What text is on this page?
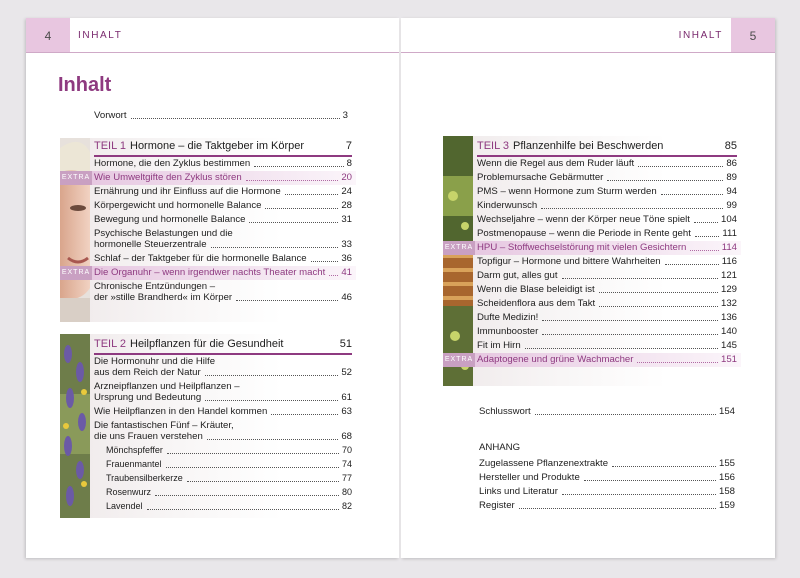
4	INHALT
Inhalt
Vorwort	3
TEIL 1 Hormone – die Taktgeber im Körper	7
Hormone, die den Zyklus bestimmen	8
EXTRA Wie Umweltgifte den Zyklus stören	20
Ernährung und ihr Einfluss auf die Hormone	24
Körpergewicht und hormonelle Balance	28
Bewegung und hormonelle Balance	31
Psychische Belastungen und die
hormonelle Steuerzentrale	33
Schlaf – der Taktgeber für die hormonelle Balance	36
EXTRA Die Organuhr – wenn irgendwer nachts Theater macht 41
Chronische Entzündungen –
der »stille Brandherd« im Körper	46
TEIL 2 Heilpflanzen für die Gesundheit	51
Die Hormonuhr und die Hilfe
aus dem Reich der Natur	52
Arzneipflanzen und Heilpflanzen –
Ursprung und Bedeutung	61
Wie Heilpflanzen in den Handel kommen	63
Die fantastischen Fünf – Kräuter,
die uns Frauen verstehen	68
Mönchspfeffer	70
Frauenmantel	74
Traubensilberkerze	77
Rosenwurz	80
Lavendel	82
INHALT	5
TEIL 3 Pflanzenhilfe bei Beschwerden	85
Wenn die Regel aus dem Ruder läuft	86
Problemursache Gebärmutter	89
PMS – wenn Hormone zum Sturm werden	94
Kinderwunsch	99
Wechseljahre – wenn der Körper neue Töne spielt	104
Postmenopause – wenn die Periode in Rente geht	111
EXTRA HPU – Stoffwechselstörung mit vielen Gesichtern	114
Topfigur – Hormone und bittere Wahrheiten	116
Darm gut, alles gut	121
Wenn die Blase beleidigt ist	129
Scheidenflora aus dem Takt	132
Dufte Medizin!	136
Immunbooster	140
Fit im Hirn	145
EXTRA Adaptogene und grüne Wachmacher	151
Schlusswort	154
ANHANG
Zugelassene Pflanzenextrakte	155
Hersteller und Produkte	156
Links und Literatur	158
Register	159
